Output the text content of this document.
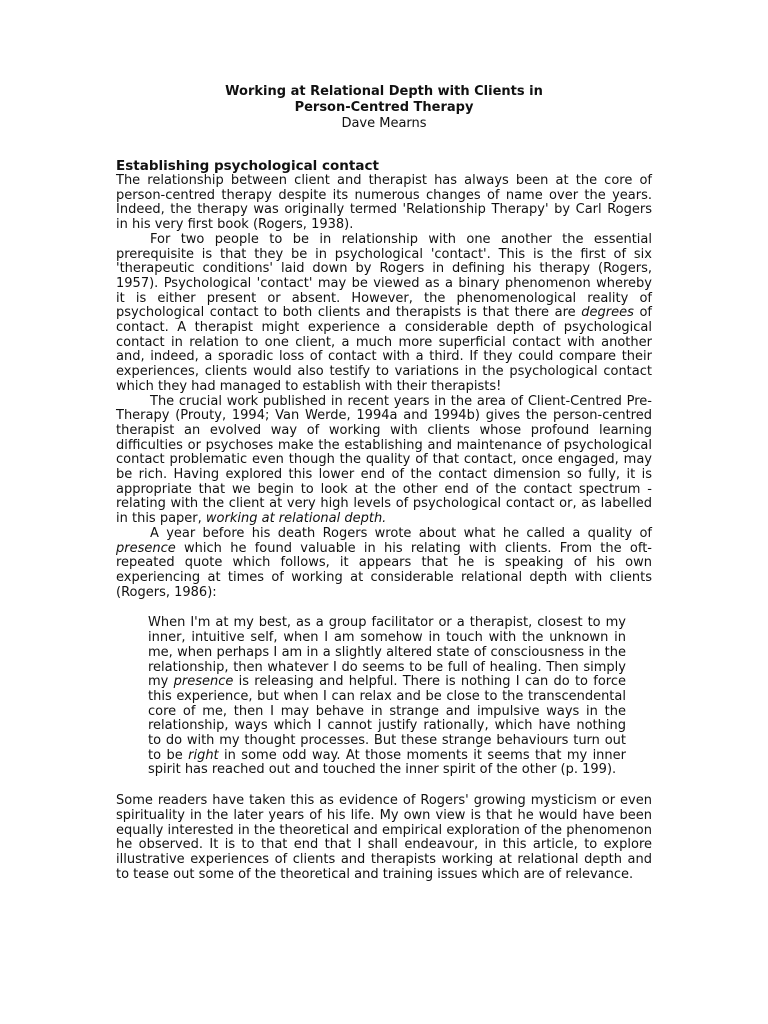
Working at Relational Depth with Clients in
Person-Centred Therapy
Dave Mearns
Establishing psychological contact

The relationship between client and therapist has always been at the core of person-centred therapy despite its numerous changes of name over the years. Indeed, the therapy was originally termed 'Relationship Therapy' by Carl Rogers in his very first book (Rogers, 1938).

For two people to be in relationship with one another the essential prerequisite is that they be in psychological 'contact'. This is the first of six 'therapeutic conditions' laid down by Rogers in defining his therapy (Rogers, 1957). Psychological 'contact' may be viewed as a binary phenomenon whereby it is either present or absent. However, the phenomenological reality of psychological contact to both clients and therapists is that there are degrees of contact. A therapist might experience a considerable depth of psychological contact in relation to one client, a much more superficial contact with another and, indeed, a sporadic loss of contact with a third. If they could compare their experiences, clients would also testify to variations in the psychological contact which they had managed to establish with their therapists!

The crucial work published in recent years in the area of Client-Centred Pre-Therapy (Prouty, 1994; Van Werde, 1994a and 1994b) gives the person-centred therapist an evolved way of working with clients whose profound learning difficulties or psychoses make the establishing and maintenance of psychological contact problematic even though the quality of that contact, once engaged, may be rich. Having explored this lower end of the contact dimension so fully, it is appropriate that we begin to look at the other end of the contact spectrum - relating with the client at very high levels of psychological contact or, as labelled in this paper, working at relational depth.

A year before his death Rogers wrote about what he called a quality of presence which he found valuable in his relating with clients. From the oft-repeated quote which follows, it appears that he is speaking of his own experiencing at times of working at considerable relational depth with clients (Rogers, 1986):

When I'm at my best, as a group facilitator or a therapist, closest to my inner, intuitive self, when I am somehow in touch with the unknown in me, when perhaps I am in a slightly altered state of consciousness in the relationship, then whatever I do seems to be full of healing. Then simply my presence is releasing and helpful. There is nothing I can do to force this experience, but when I can relax and be close to the transcendental core of me, then I may behave in strange and impulsive ways in the relationship, ways which I cannot justify rationally, which have nothing to do with my thought processes. But these strange behaviours turn out to be right in some odd way. At those moments it seems that my inner spirit has reached out and touched the inner spirit of the other (p. 199).

Some readers have taken this as evidence of Rogers' growing mysticism or even spirituality in the later years of his life. My own view is that he would have been equally interested in the theoretical and empirical exploration of the phenomenon he observed. It is to that end that I shall endeavour, in this article, to explore illustrative experiences of clients and therapists working at relational depth and to tease out some of the theoretical and training issues which are of relevance.
